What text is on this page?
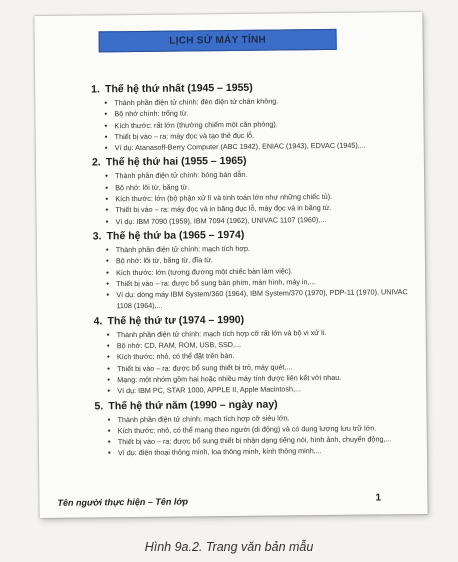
LỊCH SỬ MÁY TÍNH
1. Thế hệ thứ nhất (1945 – 1955)
• Thành phần điện tử chính: đèn điện tử chân không.
• Bộ nhớ chính: trống từ.
• Kích thước: rất lớn (thường chiếm một căn phòng).
• Thiết bị vào – ra: máy đọc và tạo thẻ đục lỗ.
• Ví dụ: Atanasoff-Berry Computer (ABC 1942), ENIAC (1943), EDVAC (1945),...
2. Thế hệ thứ hai (1955 – 1965)
• Thành phần điện tử chính: bóng bán dẫn.
• Bộ nhớ: lõi từ, băng từ.
• Kích thước: lớn (bộ phận xử lí và tính toán lớn như những chiếc tủ).
• Thiết bị vào – ra: máy đọc và in băng đục lỗ, máy đọc và in băng từ.
• Ví dụ: IBM 7090 (1959), IBM 7094 (1962), UNIVAC 1107 (1960),...
3. Thế hệ thứ ba (1965 – 1974)
• Thành phần điện tử chính: mạch tích hợp.
• Bộ nhớ: lõi từ, băng từ, đĩa từ.
• Kích thước: lớn (tương đương một chiếc bàn làm việc).
• Thiết bị vào – ra: được bổ sung bàn phím, màn hình, máy in,...
• Ví dụ: dòng máy IBM System/360 (1964), IBM System/370 (1970), PDP-11 (1970), UNIVAC 1108 (1964),...
4. Thế hệ thứ tư (1974 – 1990)
• Thành phần điện tử chính: mạch tích hợp cỡ rất lớn và bộ vi xử lí.
• Bộ nhớ: CD, RAM, ROM, USB, SSD,...
• Kích thước: nhỏ, có thể đặt trên bàn.
• Thiết bị vào – ra: được bổ sung thiết bị trỏ, máy quét,...
• Mạng: một nhóm gồm hai hoặc nhiều máy tính được liên kết với nhau.
• Ví dụ: IBM PC, STAR 1000, APPLE II, Apple Macintosh,...
5. Thế hệ thứ năm (1990 – ngày nay)
• Thành phần điện tử chính: mạch tích hợp cỡ siêu lớn.
• Kích thước: nhỏ, có thể mang theo người (di động) và có dung lượng lưu trữ lớn.
• Thiết bị vào – ra: được bổ sung thiết bị nhận dạng tiếng nói, hình ảnh, chuyển động,...
• Ví dụ: điện thoại thông minh, loa thông minh, kính thông minh,...
Tên người thực hiện – Tên lớp	1
Hình 9a.2. Trang văn bản mẫu
